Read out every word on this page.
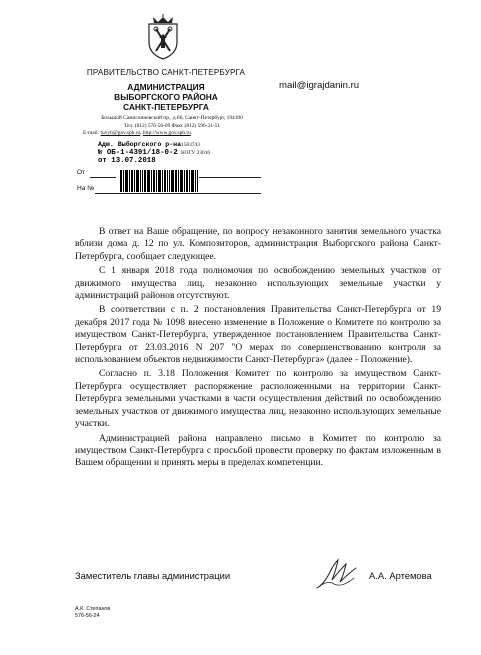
ПРАВИТЕЛЬСТВО САНКТ-ПЕТЕРБУРГА
АДМИНИСТРАЦИЯ
ВЫБОРГСКОГО РАЙОНА
САНКТ-ПЕТЕРБУРГА
Большой Сампсониевский пр., д.86, Санкт-Петербург, 194100
Тел. (812) 576-56-09 Факс (812) 596-31-51
E-mail: tuvyb@gov.spb.ru, http://www.gov.spb.ru
mail@igrajdanin.ru
Адм. Выборгского р-на
№ ОБ-1-4391/18-0-2
от 13.07.2018
1583743
КОГУ 23010
От
На №

В ответ на Ваше обращение, по вопросу незаконного занятия земельного участка вблизи дома д. 12 по ул. Композиторов, администрация Выборгского района Санкт-Петербурга, сообщает следующее.

С 1 января 2018 года полномочия по освобождению земельных участков от движимого имущества лиц, незаконно использующих земельные участки у администраций районов отсутствуют.

В соответствии с п. 2 постановления Правительства Санкт-Петербурга от 19 декабря 2017 года № 1098 внесено изменение в Положение о Комитете по контролю за имуществом Санкт-Петербурга, утвержденное постановлением Правительства Санкт-Петербурга от 23.03.2016 N 207 "О мерах по совершенствованию контроля за использованием объектов недвижимости Санкт-Петербурга» (далее - Положение).

Согласно п. 3.18 Положения Комитет по контролю за имуществом Санкт-Петербурга осуществляет распоряжение расположенными на территории Санкт-Петербурга земельными участками в части осуществления действий по освобождению земельных участков от движимого имущества лиц, незаконно использующих земельные участки.

Администрацией района направлено письмо в Комитет по контролю за имуществом Санкт-Петербурга с просьбой провести проверку по фактам изложенным в Вашем обращении и принять меры в пределах компетенции.

Заместитель главы администрации	А.А. Артемова
А.К. Степанов
576-56-24
